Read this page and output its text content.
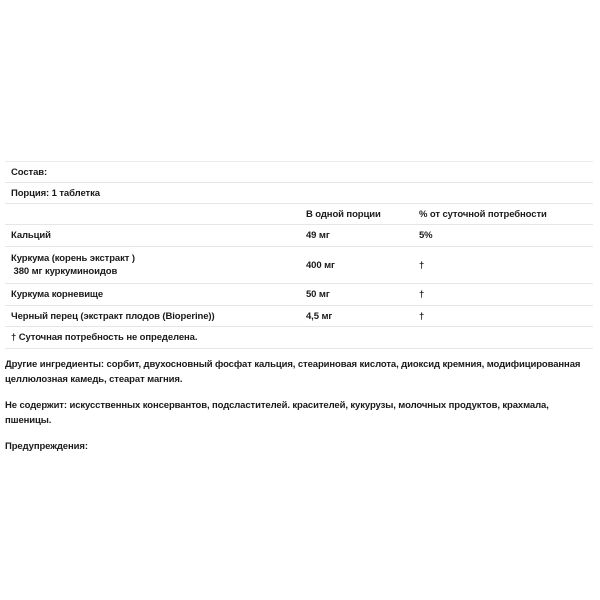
Состав:		
Порция: 1 таблетка		
	В одной порции	% от суточной потребности
Кальций	49 мг	5%

Куркума (корень экстракт )
380 мг куркуминоидов	400 мг	†
Куркума корневище	50 мг	†
Черный перец (экстракт плодов (Bioperine))	4,5 мг	†
† Суточная потребность не определена.		

Другие ингредиенты: сорбит, двухосновный фосфат кальция, стеариновая кислота, диоксид кремния, модифицированная целлюлозная камедь, стеарат магния.

Не содержит: искусственных консервантов, подсластителей. красителей, кукурузы, молочных продуктов, крахмала, пшеницы.

Предупреждения:
